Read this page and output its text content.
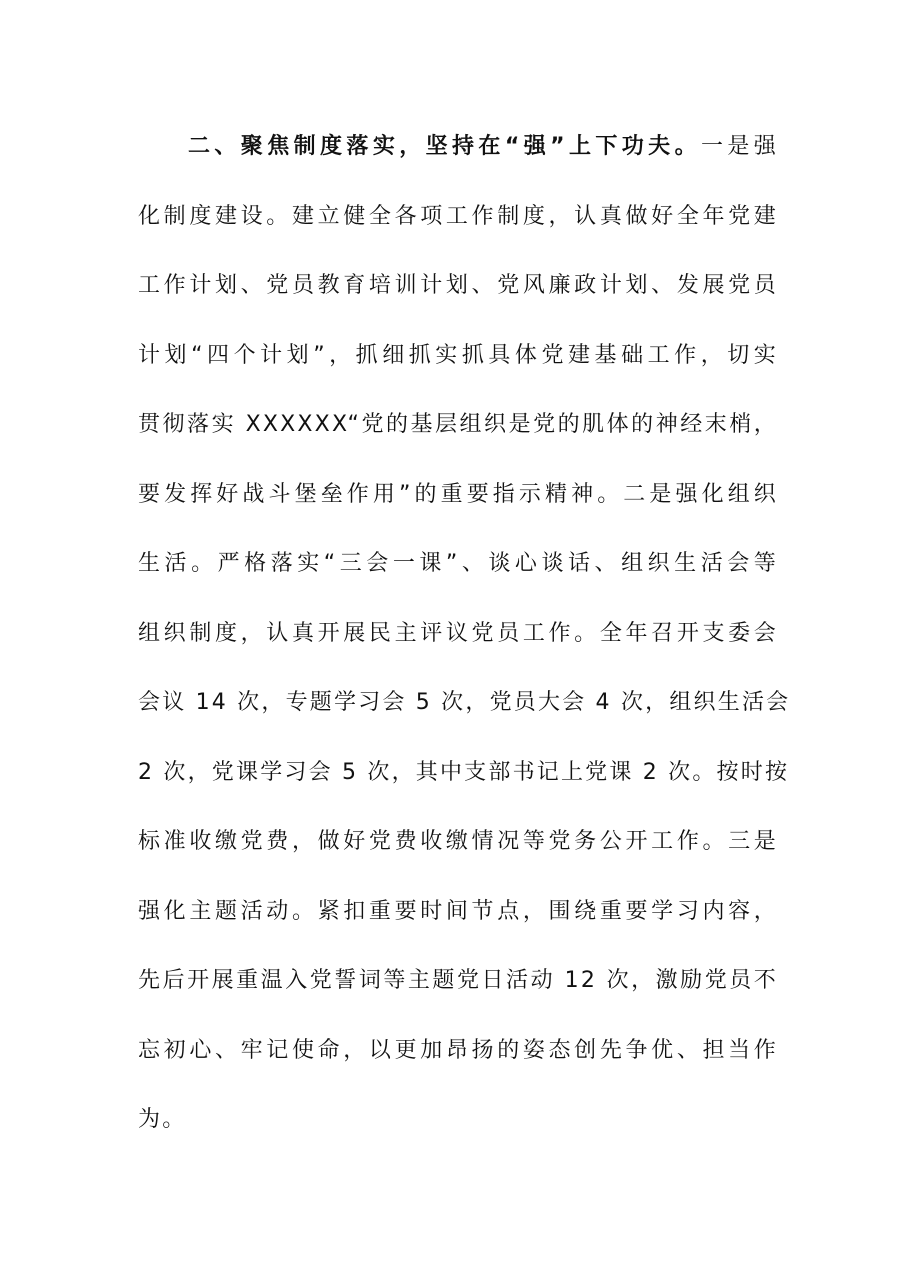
二、聚焦制度落实，坚持在“强”上下功夫。一是强
化制度建设。建立健全各项工作制度，认真做好全年党建
工作计划、党员教育培训计划、党风廉政计划、发展党员
计划“四个计划”，抓细抓实抓具体党建基础工作，切实
贯彻落实 XXXXXX“党的基层组织是党的肌体的神经末梢，
要发挥好战斗堡垒作用”的重要指示精神。二是强化组织
生活。严格落实“三会一课”、谈心谈话、组织生活会等
组织制度，认真开展民主评议党员工作。全年召开支委会
会议 14 次，专题学习会 5 次，党员大会 4 次，组织生活会
2 次，党课学习会 5 次，其中支部书记上党课 2 次。按时按
标准收缴党费，做好党费收缴情况等党务公开工作。三是
强化主题活动。紧扣重要时间节点，围绕重要学习内容，
先后开展重温入党誓词等主题党日活动 12 次，激励党员不
忘初心、牢记使命，以更加昂扬的姿态创先争优、担当作
为。
